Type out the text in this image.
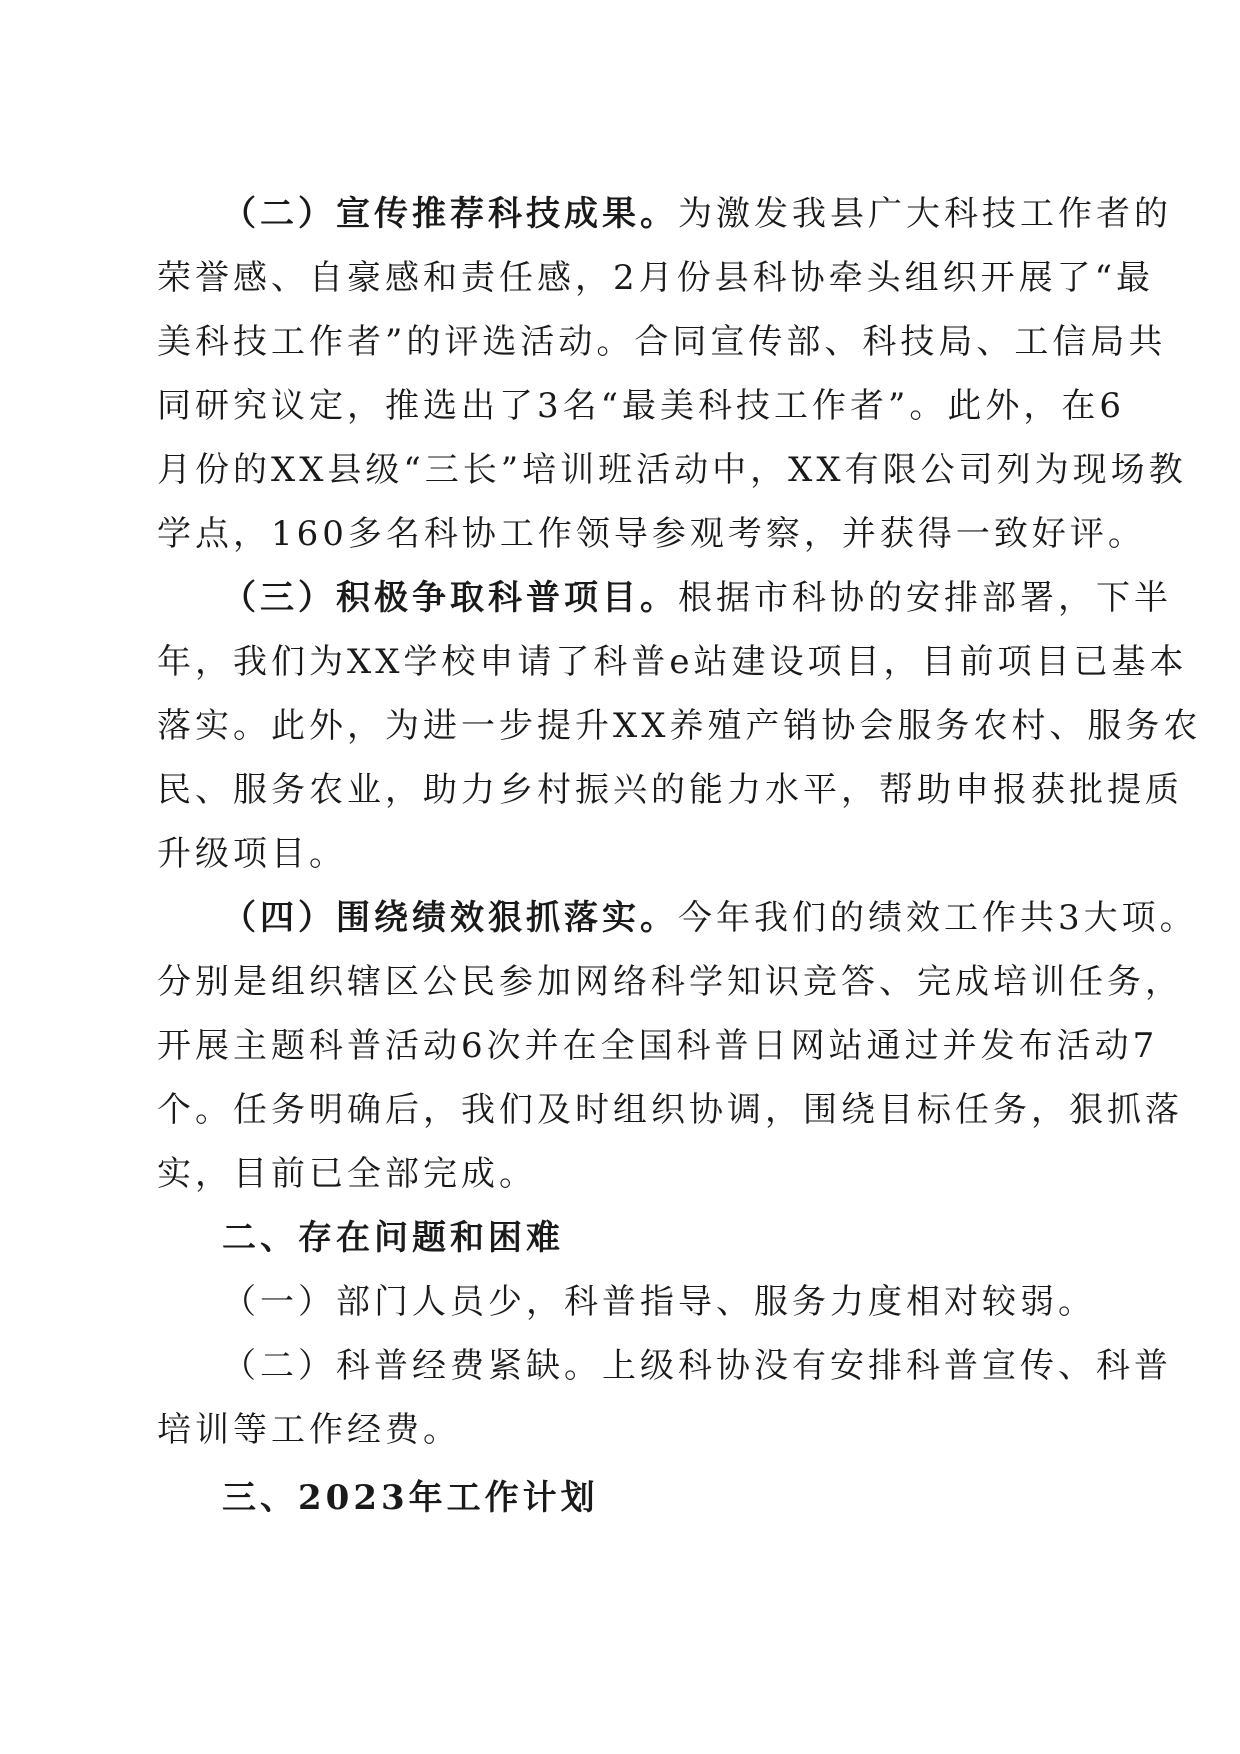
（二）宣传推荐科技成果。为激发我县广大科技工作者的
荣誉感、自豪感和责任感，2月份县科协牵头组织开展了“最
美科技工作者”的评选活动。合同宣传部、科技局、工信局共
同研究议定，推选出了3名“最美科技工作者”。此外，在6
月份的XX县级“三长”培训班活动中，XX有限公司列为现场教
学点，160多名科协工作领导参观考察，并获得一致好评。
（三）积极争取科普项目。根据市科协的安排部署，下半
年，我们为XX学校申请了科普e站建设项目，目前项目已基本
落实。此外，为进一步提升XX养殖产销协会服务农村、服务农
民、服务农业，助力乡村振兴的能力水平，帮助申报获批提质
升级项目。
（四）围绕绩效狠抓落实。今年我们的绩效工作共3大项。
分别是组织辖区公民参加网络科学知识竞答、完成培训任务，
开展主题科普活动6次并在全国科普日网站通过并发布活动7
个。任务明确后，我们及时组织协调，围绕目标任务，狠抓落
实，目前已全部完成。
二、存在问题和困难
（一）部门人员少，科普指导、服务力度相对较弱。
（二）科普经费紧缺。上级科协没有安排科普宣传、科普
培训等工作经费。
三、2023年工作计划
